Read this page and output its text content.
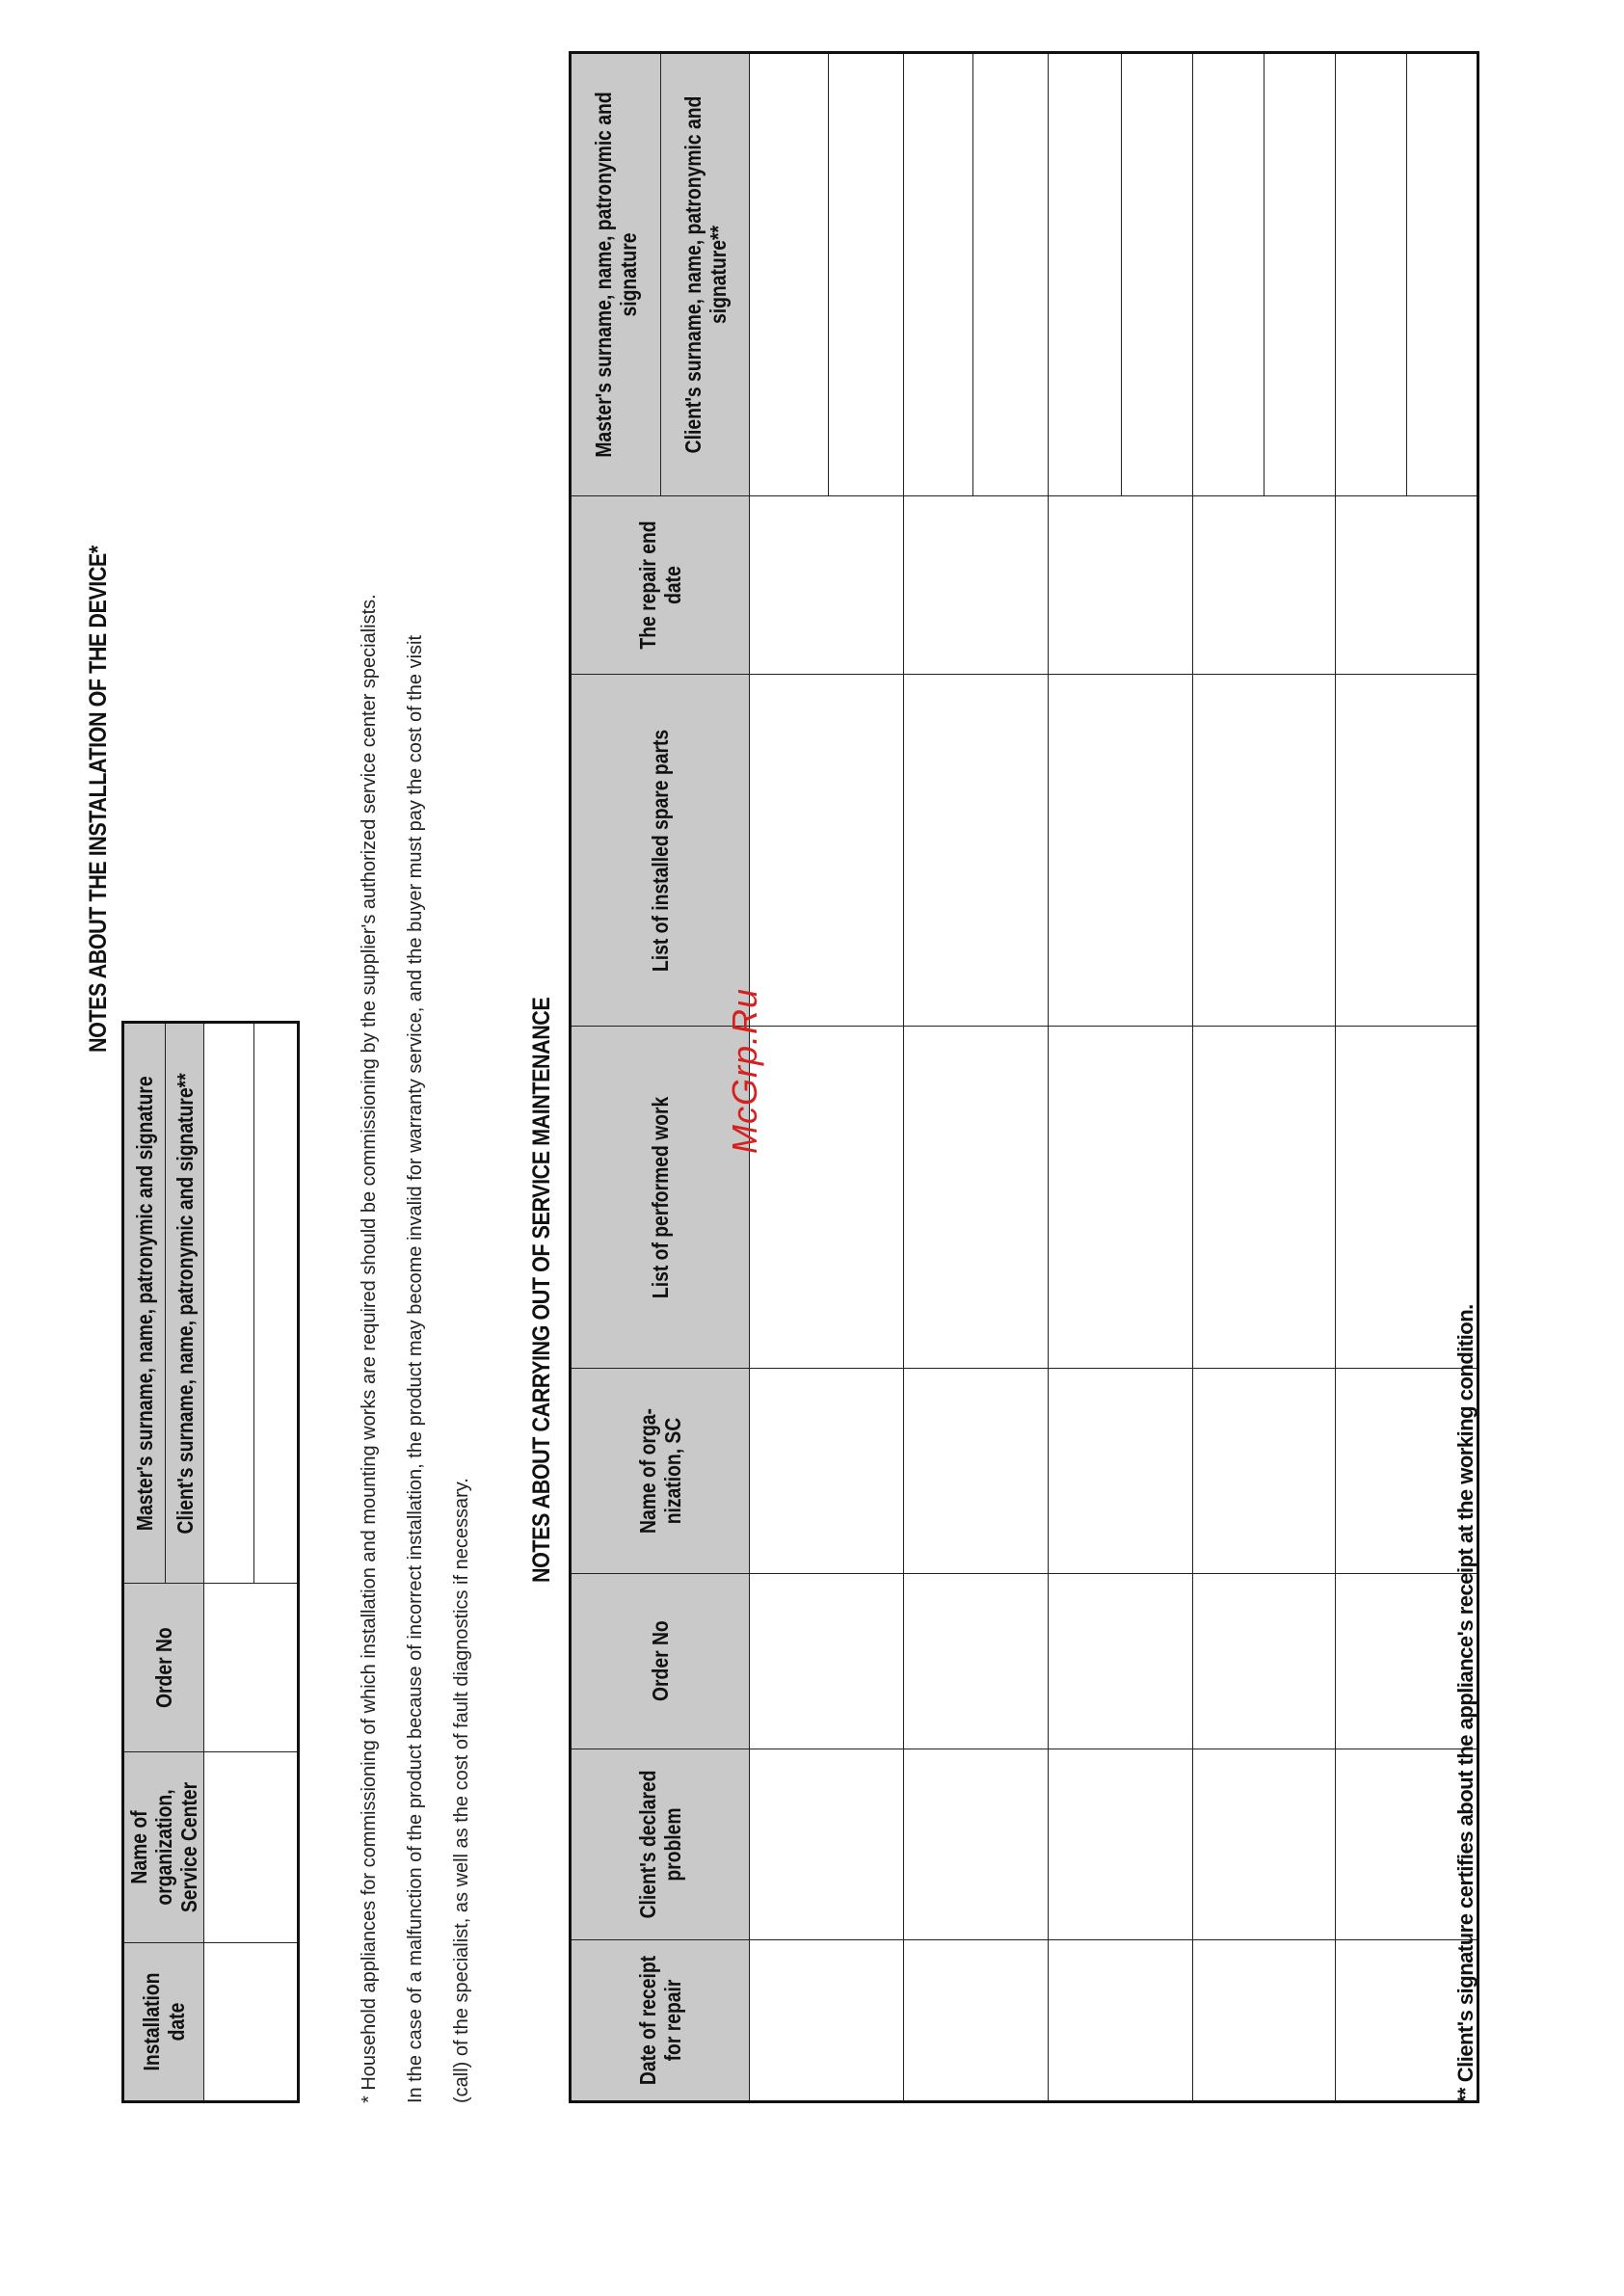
NOTES ABOUT THE INSTALLATION OF THE DEVICE*
Installation date	Name of organization, Service Center	Order No	Master's surname, name, patronymic and signature
			Client's surname, name, patronymic and signature**
				* Household appliances for commissioning of which installation and mounting works are required should be commissioning by the supplier's authorized service center specialists. In the case of a malfunction of the product because of incorrect installation, the product may become invalid for warranty service, and the buyer must pay the cost of the visit (call) of the specialist, as well as the cost of fault diagnostics if necessary.
NOTES ABOUT CARRYING OUT OF SERVICE MAINTENANCE
Date of receipt for repair	Client's declared problem	Order No	Name of orga-nization, SC	List of performed work	List of installed spare parts	The repair end date	Master's surname, name, patronymic and signature
							Client's surname, name, patronymic and signature**

McGrp.Ru
** Client's signature certifies about the appliance's receipt at the working condition.
